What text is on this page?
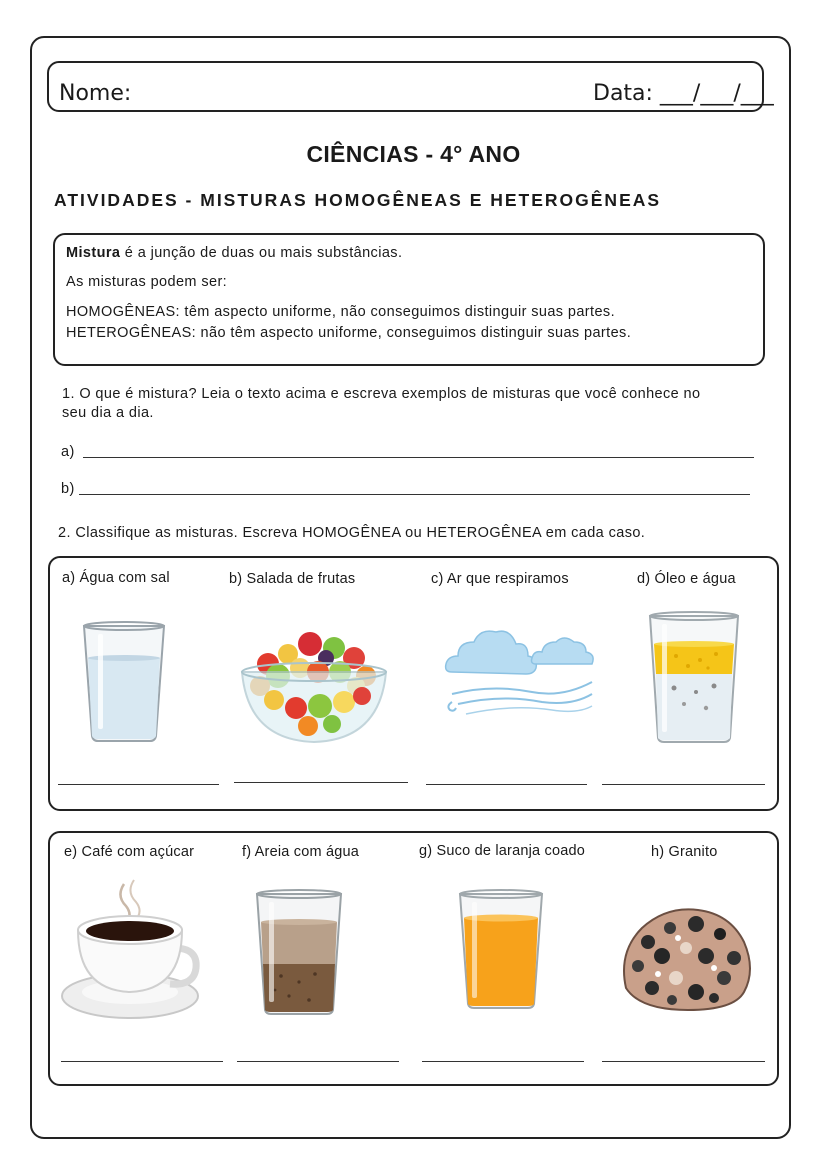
Nome:	Data: ___/___/___
CIÊNCIAS - 4° ANO
ATIVIDADES - MISTURAS HOMOGÊNEAS E HETEROGÊNEAS
Mistura é a junção de duas ou mais substâncias.
As misturas podem ser:
HOMOGÊNEAS: têm aspecto uniforme, não conseguimos distinguir suas partes.
HETEROGÊNEAS: não têm aspecto uniforme, conseguimos distinguir suas partes.
1. O que é mistura? Leia o texto acima e escreva exemplos de misturas que você conhece no
seu dia a dia.
a)
b)
2. Classifique as misturas. Escreva HOMOGÊNEA ou HETEROGÊNEA em cada caso.
a) Água com sal	b) Salada de frutas	c) Ar que respiramos	d) Óleo e água
e) Café com açúcar	f) Areia com água	g) Suco de laranja coado	h) Granito
